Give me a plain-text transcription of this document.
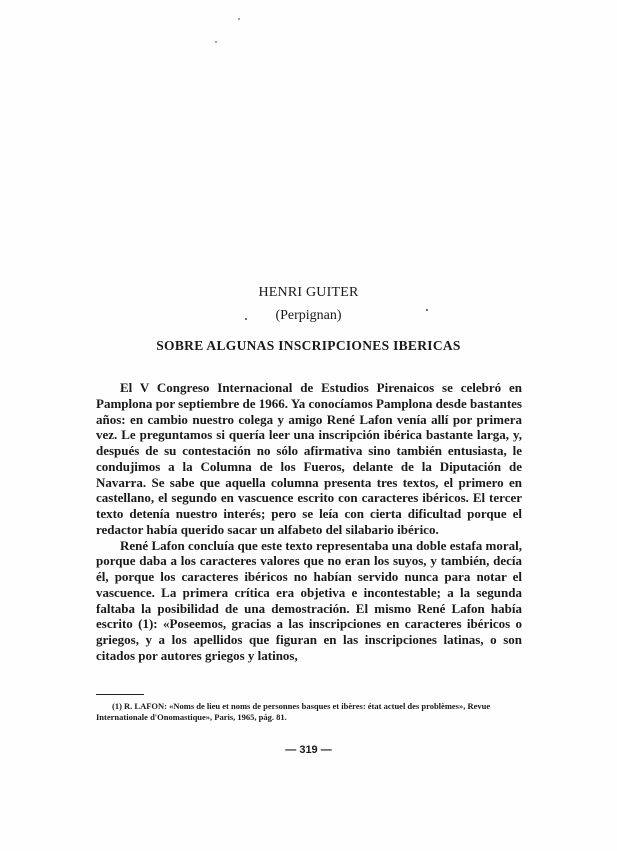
HENRI GUITER
(Perpignan)
SOBRE ALGUNAS INSCRIPCIONES IBERICAS

El V Congreso Internacional de Estudios Pirenaicos se celebró en Pamplona por septiembre de 1966. Ya conocíamos Pamplona desde bastantes años: en cambio nuestro colega y amigo René Lafon venía allí por primera vez. Le preguntamos si quería leer una inscripción ibérica bastante larga, y, después de su contestación no sólo afirmativa sino también entusiasta, le condujimos a la Columna de los Fueros, delante de la Diputación de Navarra. Se sabe que aquella columna presenta tres textos, el primero en castellano, el segundo en vascuence escrito con caracteres ibéricos. El tercer texto detenía nuestro interés; pero se leía con cierta dificultad porque el redactor había querido sacar un alfabeto del silabario ibérico.

René Lafon concluía que este texto representaba una doble estafa moral, porque daba a los caracteres valores que no eran los suyos, y también, decía él, porque los caracteres ibéricos no habían servido nunca para notar el vascuence. La primera crítica era objetiva e incontestable; a la segunda faltaba la posibilidad de una demostración. El mismo René Lafon había escrito (1): «Poseemos, gracias a las inscripciones en caracteres ibéricos o griegos, y a los apellidos que figuran en las inscripciones latinas, o son citados por autores griegos y latinos,

(1) R. LAFON: «Noms de lieu et noms de personnes basques et ibères: état actuel des problèmes», Revue Internationale d'Onomastique», Paris, 1965, pág. 81.

— 319 —
